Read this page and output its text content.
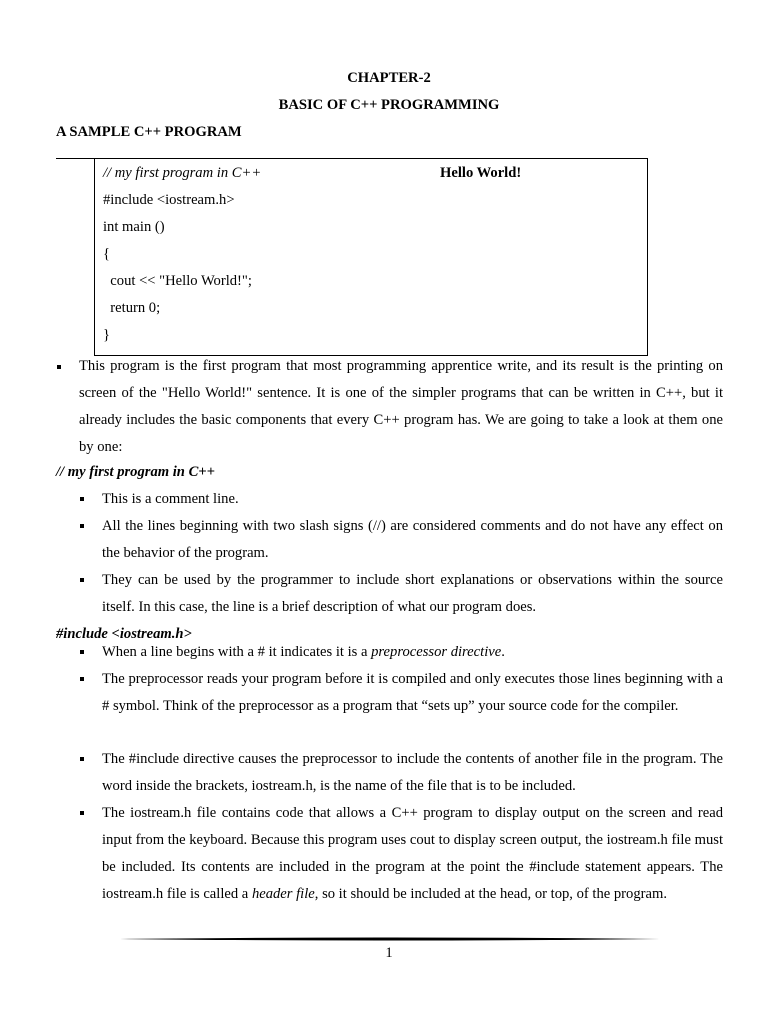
CHAPTER-2
BASIC OF C++ PROGRAMMING
A SAMPLE C++ PROGRAM
// my first program in C++
#include <iostream.h>
int main ()
{
cout << "Hello World!";
return 0;
}
Hello World!
This program is the first program that most programming apprentice write, and its result is the printing on screen of the "Hello World!" sentence. It is one of the simpler programs that can be written in C++, but it already includes the basic components that every C++ program has. We are going to take a look at them one by one:
// my first program in C++
This is a comment line.
All the lines beginning with two slash signs (//) are considered comments and do not have any effect on the behavior of the program.
They can be used by the programmer to include short explanations or observations within the source itself. In this case, the line is a brief description of what our program does.
#include <iostream.h>
When a line begins with a # it indicates it is a preprocessor directive.
The preprocessor reads your program before it is compiled and only executes those lines beginning with a # symbol. Think of the preprocessor as a program that “sets up” your source code for the compiler.
The #include directive causes the preprocessor to include the contents of another file in the program. The word inside the brackets, iostream.h, is the name of the file that is to be included.
The iostream.h file contains code that allows a C++ program to display output on the screen and read input from the keyboard. Because this program uses cout to display screen output, the iostream.h file must be included. Its contents are included in the program at the point the #include statement appears. The iostream.h file is called a header file, so it should be included at the head, or top, of the program.
1
